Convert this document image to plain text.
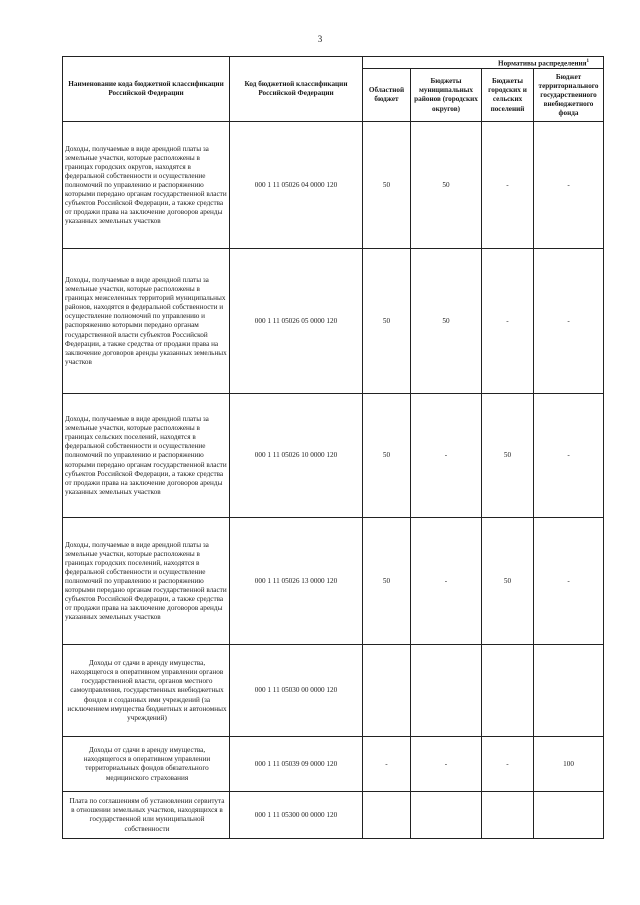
3
Наименование кода бюджетной классификации Российской Федерации	Код бюджетной классификации Российской Федерации	Нормативы распределения$^1$
		Областной бюджет	Бюджеты муниципальных районов (городских округов)	Бюджеты городских и сельских поселений	Бюджет территориального государственного внебюджетного фонда
Доходы, получаемые в виде арендной платы за земельные участки, которые расположены в границах городских округов, находятся в федеральной собственности и осуществление полномочий по управлению и распоряжению которыми передано органам государственной власти субъектов Российской Федерации, а также средства от продажи права на заключение договоров аренды указанных земельных участков	000 1 11 05026 04 0000 120	50	50	-	-
Доходы, получаемые в виде арендной платы за земельные участки, которые расположены в границах межселенных территорий муниципальных районов, находятся в федеральной собственности и осуществление полномочий по управлению и распоряжению которыми передано органам государственной власти субъектов Российской Федерации, а также средства от продажи права на заключение договоров аренды указанных земельных участков	000 1 11 05026 05 0000 120	50	50	-	-
Доходы, получаемые в виде арендной платы за земельные участки, которые расположены в границах сельских поселений, находятся в федеральной собственности и осуществление полномочий по управлению и распоряжению которыми передано органам государственной власти субъектов Российской Федерации, а также средства от продажи права на заключение договоров аренды указанных земельных участков	000 1 11 05026 10 0000 120	50	-	50	-
Доходы, получаемые в виде арендной платы за земельные участки, которые расположены в границах городских поселений, находятся в федеральной собственности и осуществление полномочий по управлению и распоряжению которыми передано органам государственной власти субъектов Российской Федерации, а также средства от продажи права на заключение договоров аренды указанных земельных участков	000 1 11 05026 13 0000 120	50	-	50	-
Доходы от сдачи в аренду имущества, находящегося в оперативном управлении органов государственной власти, органов местного самоуправления, государственных внебюджетных фондов и созданных ими учреждений (за исключением имущества бюджетных и автономных учреждений)	000 1 11 05030 00 0000 120				
Доходы от сдачи в аренду имущества, находящегося в оперативном управлении территориальных фондов обязательного медицинского страхования	000 1 11 05039 09 0000 120	-	-	-	100
Плата по соглашениям об установлении сервитута в отношении земельных участков, находящихся в государственной или муниципальной собственности	000 1 11 05300 00 0000 120				
